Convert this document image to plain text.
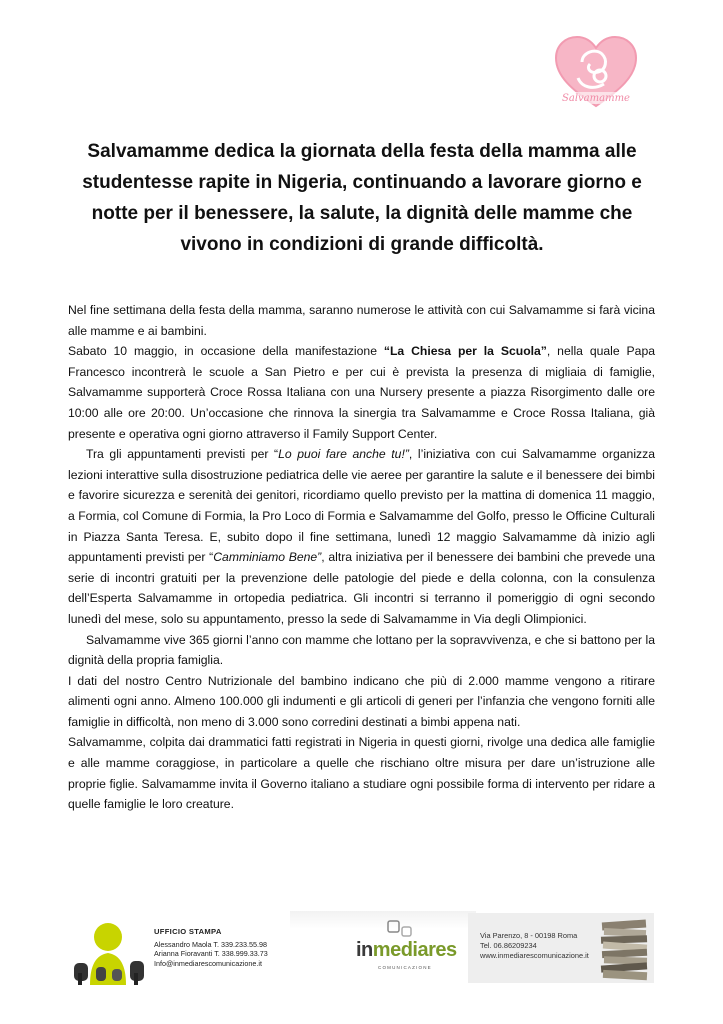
Salvamamme
Salvamamme dedica la giornata della festa della mamma alle studentesse rapite in Nigeria, continuando a lavorare giorno e notte per il benessere, la salute, la dignità delle mamme che vivono in condizioni di grande difficoltà.

Nel fine settimana della festa della mamma, saranno numerose le attività con cui Salvamamme si farà vicina alle mamme e ai bambini.

Sabato 10 maggio, in occasione della manifestazione “La Chiesa per la Scuola”, nella quale Papa Francesco incontrerà le scuole a San Pietro e per cui è prevista la presenza di migliaia di famiglie, Salvamamme supporterà Croce Rossa Italiana con una Nursery presente a piazza Risorgimento dalle ore 10:00 alle ore 20:00. Un’occasione che rinnova la sinergia tra Salvamamme e Croce Rossa Italiana, già presente e operativa ogni giorno attraverso il Family Support Center.

Tra gli appuntamenti previsti per “Lo puoi fare anche tu!”, l’iniziativa con cui Salvamamme organizza lezioni interattive sulla disostruzione pediatrica delle vie aeree per garantire la salute e il benessere dei bimbi e favorire sicurezza e serenità dei genitori, ricordiamo quello previsto per la mattina di domenica 11 maggio, a Formia, col Comune di Formia, la Pro Loco di Formia e Salvamamme del Golfo, presso le Officine Culturali in Piazza Santa Teresa. E, subito dopo il fine settimana, lunedì 12 maggio Salvamamme dà inizio agli appuntamenti previsti per “Camminiamo Bene”, altra iniziativa per il benessere dei bambini che prevede una serie di incontri gratuiti per la prevenzione delle patologie del piede e della colonna, con la consulenza dell’Esperta Salvamamme in ortopedia pediatrica. Gli incontri si terranno il pomeriggio di ogni secondo lunedì del mese, solo su appuntamento, presso la sede di Salvamamme in Via degli Olimpionici.

Salvamamme vive 365 giorni l’anno con mamme che lottano per la sopravvivenza, e che si battono per la dignità della propria famiglia.

I dati del nostro Centro Nutrizionale del bambino indicano che più di 2.000 mamme vengono a ritirare alimenti ogni anno. Almeno 100.000 gli indumenti e gli articoli di generi per l’infanzia che vengono forniti alle famiglie in difficoltà, non meno di 3.000 sono corredini destinati a bimbi appena nati.

Salvamamme, colpita dai drammatici fatti registrati in Nigeria in questi giorni, rivolge una dedica alle famiglie e alle mamme coraggiose, in particolare a quelle che rischiano oltre misura per dare un’istruzione alle proprie figlie. Salvamamme invita il Governo italiano a studiare ogni possibile forma di intervento per ridare a quelle famiglie le loro creature.

UFFICIO STAMPA
Alessandro Maola T. 339.233.55.98
Arianna Fioravanti T. 338.999.33.73
Info@inmediarescomunicazione.it
inmediares
COMUNICAZIONE
Via Parenzo, 8 - 00198 Roma
Tel. 06.86209234
www.inmediarescomunicazione.it
